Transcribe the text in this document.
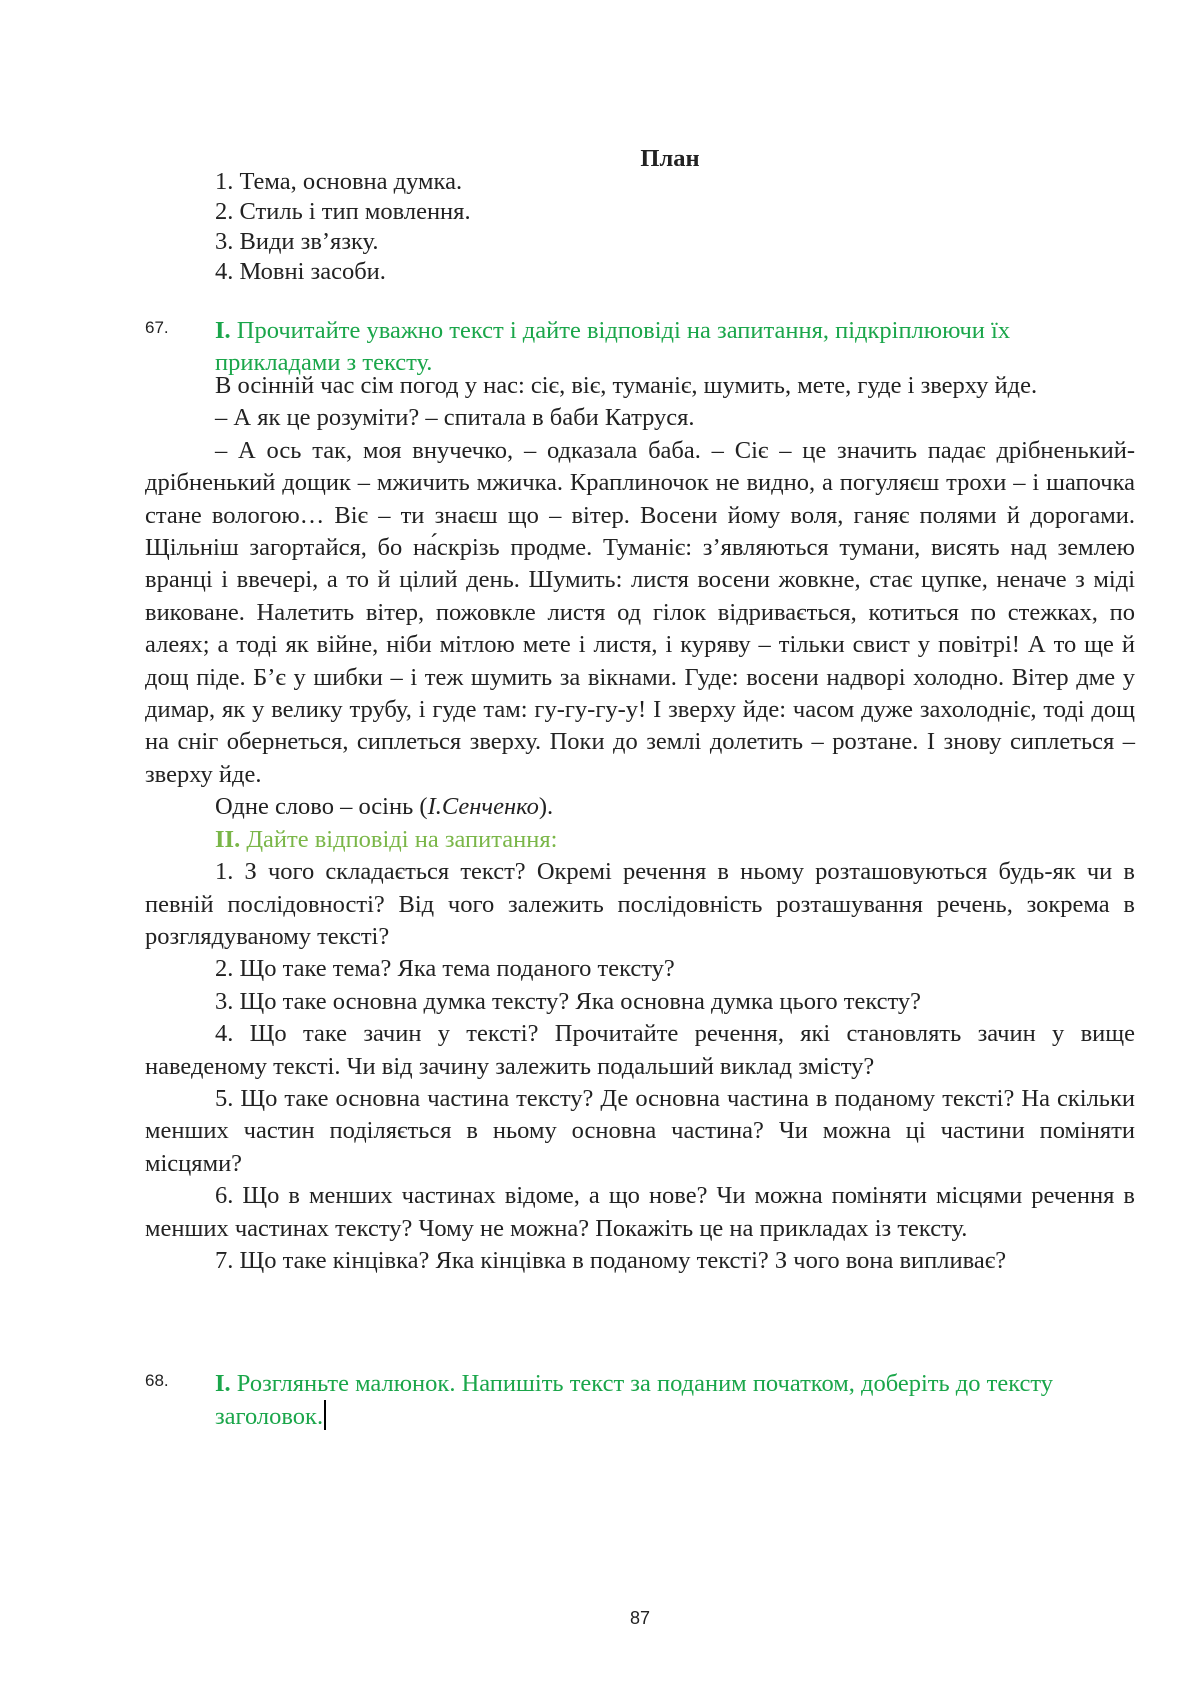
План
1. Тема, основна думка.
2. Стиль і тип мовлення.
3. Види зв’язку.
4. Мовні засоби.
67. І. Прочитайте уважно текст і дайте відповіді на запитання, підкріплюючи їх прикладами з тексту.

В осінній час сім погод у нас: сіє, віє, туманіє, шумить, мете, гуде і зверху йде.

– А як це розуміти? – спитала в баби Катруся.

– А ось так, моя внучечко, – одказала баба. – Сіє – це значить падає дрібненький-дрібненький дощик – мжичить мжичка. Краплиночок не видно, а погуляєш трохи – і шапочка стане вологою… Віє – ти знаєш що – вітер. Восени йому воля, ганяє полями й дорогами. Щільніш загортайся, бо на́скрізь продме. Туманіє: з’являються тумани, висять над землею вранці і ввечері, а то й цілий день. Шумить: листя восени жовкне, стає цупке, неначе з міді виковане. Налетить вітер, пожовкле листя од гілок відривається, котиться по стежках, по алеях; а тоді як війне, ніби мітлою мете і листя, і куряву – тільки свист у повітрі! А то ще й дощ піде. Б’є у шибки – і теж шумить за вікнами. Гуде: восени надворі холодно. Вітер дме у димар, як у велику трубу, і гуде там: гу-гу-гу-у! І зверху йде: часом дуже захолодніє, тоді дощ на сніг обернеться, сиплеться зверху. Поки до землі долетить – розтане. І знову сиплеться – зверху йде.

Одне слово – осінь (І.Сенченко).

ІІ. Дайте відповіді на запитання:

1. З чого складається текст? Окремі речення в ньому розташовуються будь-як чи в певній послідовності? Від чого залежить послідовність розташування речень, зокрема в розглядуваному тексті?

2. Що таке тема? Яка тема поданого тексту?

3. Що таке основна думка тексту? Яка основна думка цього тексту?

4. Що таке зачин у тексті? Прочитайте речення, які становлять зачин у вище наведеному тексті. Чи від зачину залежить подальший виклад змісту?

5. Що таке основна частина тексту? Де основна частина в поданому тексті? На скільки менших частин поділяється в ньому основна частина? Чи можна ці частини поміняти місцями?

6. Що в менших частинах відоме, а що нове? Чи можна поміняти місцями речення в менших частинах тексту? Чому не можна? Покажіть це на прикладах із тексту.

7. Що таке кінцівка? Яка кінцівка в поданому тексті? З чого вона випливає?

68. І. Розгляньте малюнок. Напишіть текст за поданим початком, доберіть до тексту заголовок.
87
